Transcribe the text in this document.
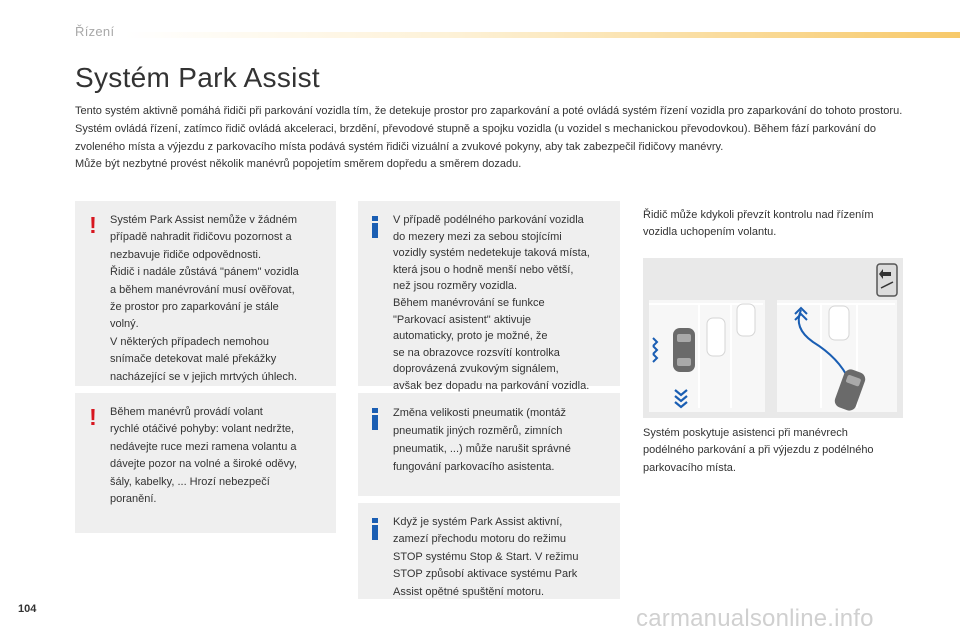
Řízení
Systém Park Assist

Tento systém aktivně pomáhá řidiči při parkování vozidla tím, že detekuje prostor pro zaparkování a poté ovládá systém řízení vozidla pro zaparkování do tohoto prostoru.

Systém ovládá řízení, zatímco řidič ovládá akceleraci, brzdění, převodové stupně a spojku vozidla (u vozidel s mechanickou převodovkou). Během fází parkování do zvoleného místa a výjezdu z parkovacího místa podává systém řidiči vizuální a zvukové pokyny, aby tak zabezpečil řidičovy manévry.

Může být nezbytné provést několik manévrů popojetím směrem dopředu a směrem dozadu.

! Systém Park Assist nemůže v žádném
případě nahradit řidičovu pozornost a
nezbavuje řidiče odpovědnosti.
Řidič i nadále zůstává "pánem" vozidla
a během manévrování musí ověřovat,
že prostor pro zaparkování je stále
volný.
V některých případech nemohou
snímače detekovat malé překážky
nacházející se v jejich mrtvých úhlech.
! Během manévrů provádí volant
rychlé otáčivé pohyby: volant nedržte,
nedávejte ruce mezi ramena volantu a
dávejte pozor na volné a široké oděvy,
šály, kabelky, ... Hrozí nebezpečí
poranění.
V případě podélného parkování vozidla
do mezery mezi za sebou stojícími
vozidly systém nedetekuje taková místa,
která jsou o hodně menší nebo větší,
než jsou rozměry vozidla.
Během manévrování se funkce
"Parkovací asistent" aktivuje
automaticky, proto je možné, že
se na obrazovce rozsvítí kontrolka
doprovázená zvukovým signálem,
avšak bez dopadu na parkování vozidla.
Změna velikosti pneumatik (montáž
pneumatik jiných rozměrů, zimních
pneumatik, ...) může narušit správné
fungování parkovacího asistenta.
Když je systém Park Assist aktivní,
zamezí přechodu motoru do režimu
STOP systému Stop & Start. V režimu
STOP způsobí aktivace systému Park
Assist opětné spuštění motoru.
Řidič může kdykoli převzít kontrolu nad řízením
vozidla uchopením volantu.
Systém poskytuje asistenci při manévrech
podélného parkování a při výjezdu z podélného
parkovacího místa.
104	carmanualsonline.info
